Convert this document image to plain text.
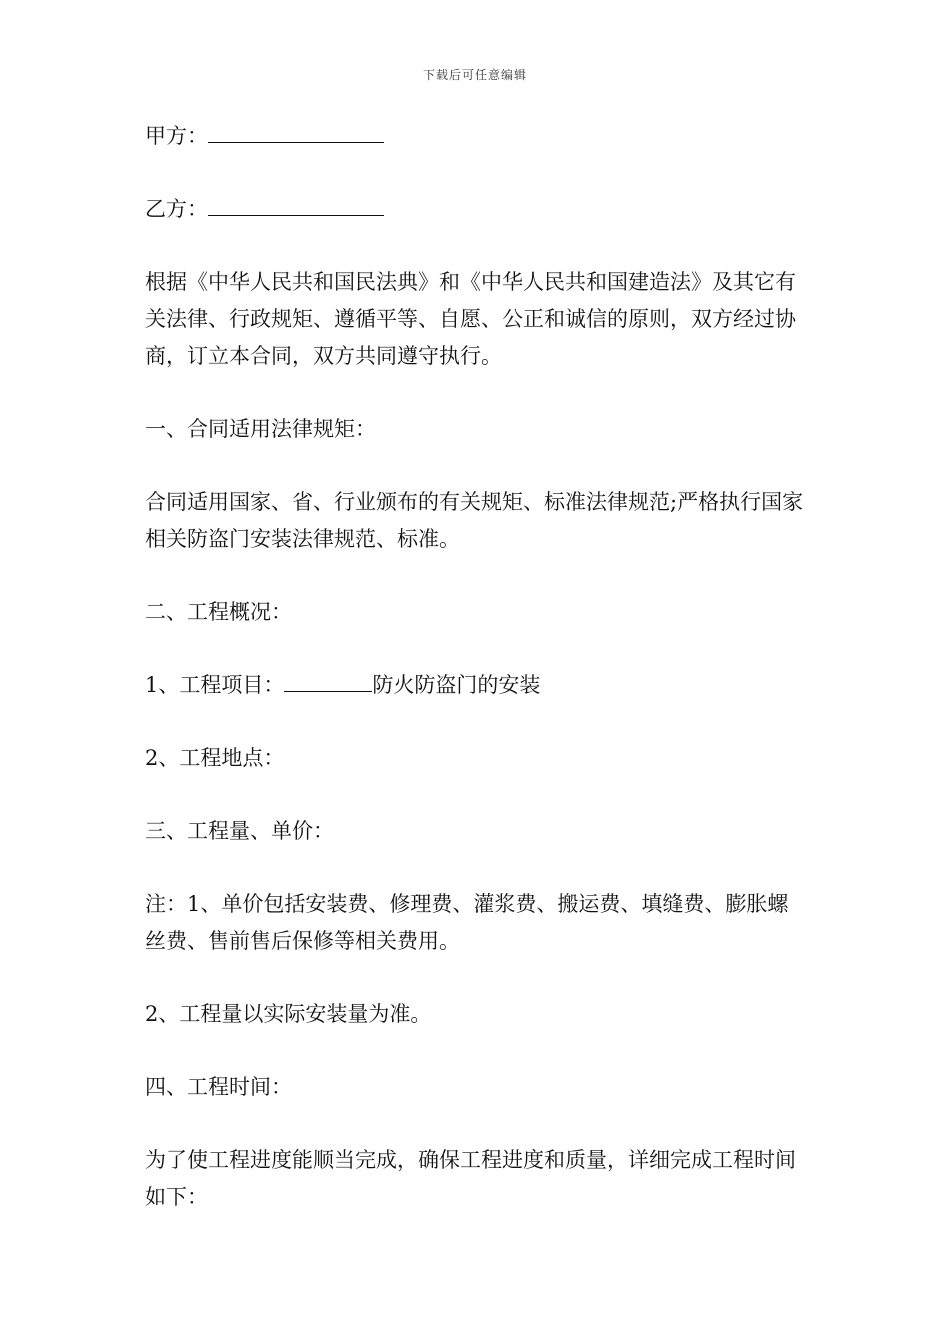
下载后可任意编辑

甲方：

乙方：

根据《中华人民共和国民法典》和《中华人民共和国建造法》及其它有关法律、行政规矩、遵循平等、自愿、公正和诚信的原则，双方经过协商，订立本合同，双方共同遵守执行。

一、合同适用法律规矩：

合同适用国家、省、行业颁布的有关规矩、标准法律规范;严格执行国家相关防盗门安装法律规范、标准。

二、工程概况：

1、工程项目：	防火防盗门的安装

2、工程地点：

三、工程量、单价：

注：1、单价包括安装费、修理费、灌浆费、搬运费、填缝费、膨胀螺丝费、售前售后保修等相关费用。

2、工程量以实际安装量为准。

四、工程时间：

为了使工程进度能顺当完成，确保工程进度和质量，详细完成工程时间如下：
